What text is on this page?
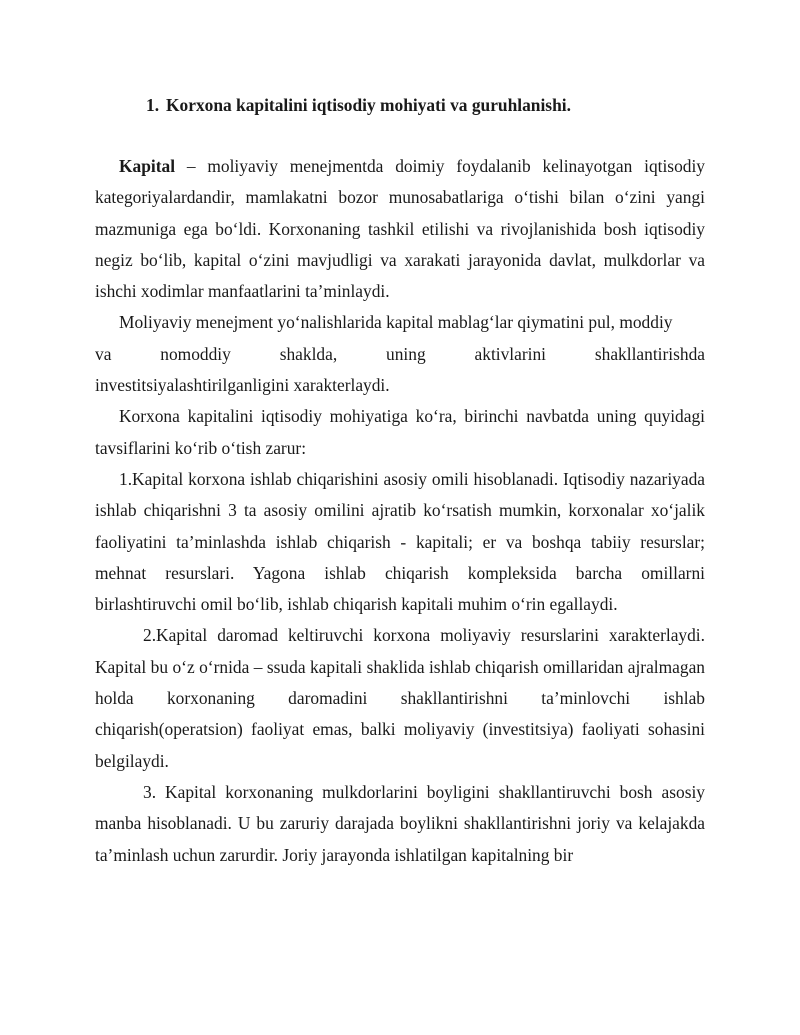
1. Korxona kapitalini iqtisodiy mohiyati va guruhlanishi.

Kapital – moliyaviy menejmentda doimiy foydalanib kelinayotgan iqtisodiy kategoriyalardandir, mamlakatni bozor munosabatlariga o‘tishi bilan o‘zini yangi mazmuniga ega bo‘ldi. Korxonaning tashkil etilishi va rivojlanishida bosh iqtisodiy negiz bo‘lib, kapital o‘zini mavjudligi va xarakati jarayonida davlat, mulkdorlar va ishchi xodimlar manfaatlarini ta’minlaydi.

Moliyaviy menejment yo‘nalishlarida kapital mablag‘lar qiymatini pul, moddiy

va nomoddiy shaklda, uning aktivlarini shakllantirishda

investitsiyalashtirilganligini xarakterlaydi.

Korxona kapitalini iqtisodiy mohiyatiga ko‘ra, birinchi navbatda uning quyidagi tavsiflarini ko‘rib o‘tish zarur:

1.Kapital korxona ishlab chiqarishini asosiy omili hisoblanadi. Iqtisodiy nazariyada ishlab chiqarishni 3 ta asosiy omilini ajratib ko‘rsatish mumkin, korxonalar xo‘jalik faoliyatini ta’minlashda ishlab chiqarish - kapitali; er va boshqa tabiiy resurslar; mehnat resurslari. Yagona ishlab chiqarish kompleksida barcha omillarni birlashtiruvchi omil bo‘lib, ishlab chiqarish kapitali muhim o‘rin egallaydi.

2.Kapital daromad keltiruvchi korxona moliyaviy resurslarini xarakterlaydi. Kapital bu o‘z o‘rnida – ssuda kapitali shaklida ishlab chiqarish omillaridan ajralmagan holda korxonaning daromadini shakllantirishni ta’minlovchi ishlab chiqarish(operatsion) faoliyat emas, balki moliyaviy (investitsiya) faoliyati sohasini belgilaydi.

3. Kapital korxonaning mulkdorlarini boyligini shakllantiruvchi bosh asosiy manba hisoblanadi. U bu zaruriy darajada boylikni shakllantirishni joriy va kelajakda ta’minlash uchun zarurdir. Joriy jarayonda ishlatilgan kapitalning bir
